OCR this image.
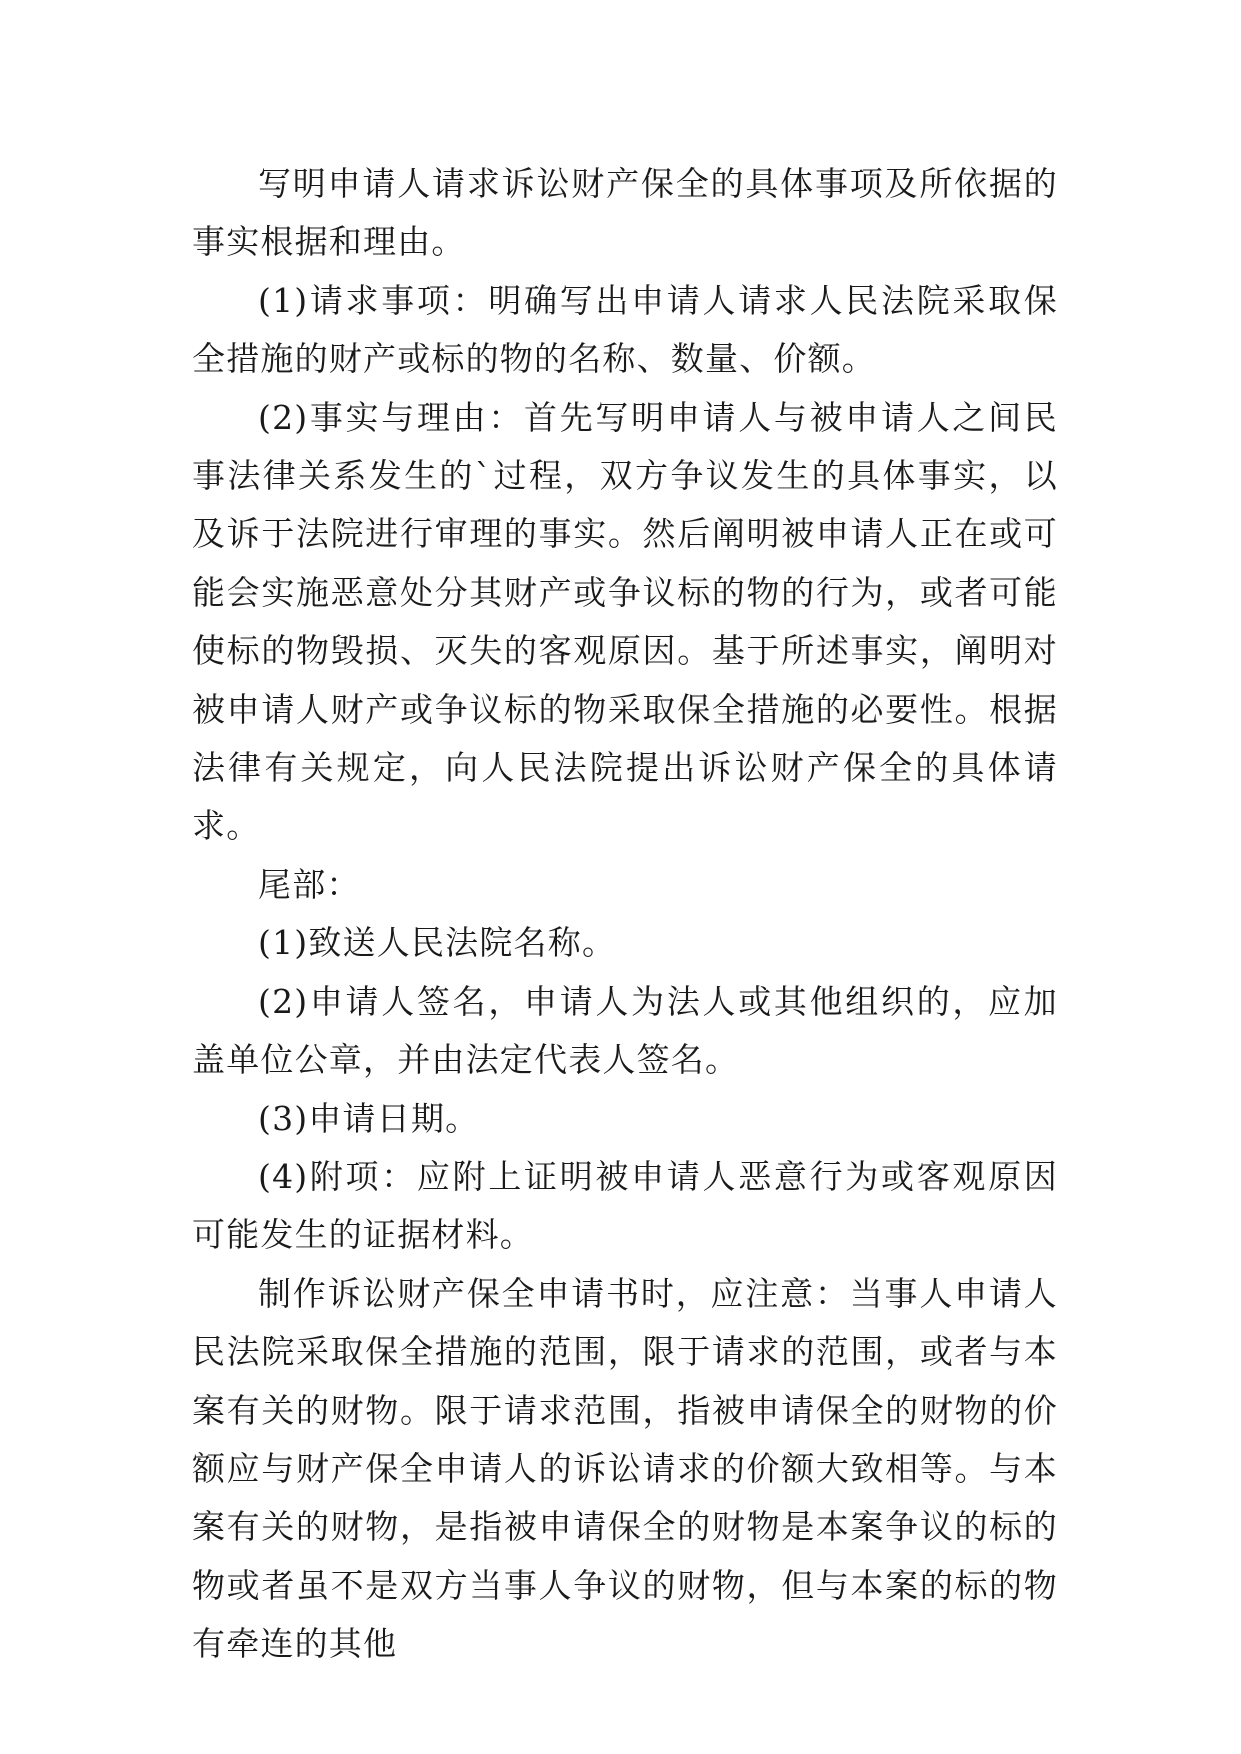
写明申请人请求诉讼财产保全的具体事项及所依据的事实根据和理由。

(1)请求事项：明确写出申请人请求人民法院采取保全措施的财产或标的物的名称、数量、价额。

(2)事实与理由：首先写明申请人与被申请人之间民事法律关系发生的`过程，双方争议发生的具体事实，以及诉于法院进行审理的事实。然后阐明被申请人正在或可能会实施恶意处分其财产或争议标的物的行为，或者可能使标的物毁损、灭失的客观原因。基于所述事实，阐明对被申请人财产或争议标的物采取保全措施的必要性。根据法律有关规定，向人民法院提出诉讼财产保全的具体请求。

尾部：

(1)致送人民法院名称。

(2)申请人签名，申请人为法人或其他组织的，应加盖单位公章，并由法定代表人签名。

(3)申请日期。

(4)附项：应附上证明被申请人恶意行为或客观原因可能发生的证据材料。

制作诉讼财产保全申请书时，应注意：当事人申请人民法院采取保全措施的范围，限于请求的范围，或者与本案有关的财物。限于请求范围，指被申请保全的财物的价额应与财产保全申请人的诉讼请求的价额大致相等。与本案有关的财物，是指被申请保全的财物是本案争议的标的物或者虽不是双方当事人争议的财物，但与本案的标的物有牵连的其他
